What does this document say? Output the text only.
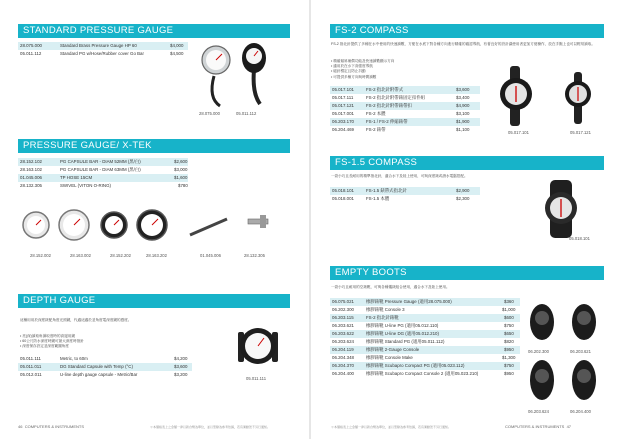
STANDARD PRESSURE GAUGE
28.075.000	Standard Brass Pressure Gauge HP 60	$4,000
05.011.112	Standard PG w/Hose/Rubber cover Go Bar	$4,500
28.075.000	05.011.112
PRESSURE GAUGE/ X-TEK
28.152.102	PG CAPSULE BAR - DIAM 52MM (黑/白)	$2,600
28.163.102	PG CAPSULE BAR - DIAM 63MM (黑/白)	$3,000
01.045.006	TP HOSE 15CM	$1,600
28.132.305	SWIVEL (VITON O-RING)	$780
28.152.002	28.163.002	28.152.202	28.163.202	01.045.006	28.132.305
DEPTH GAUGE
這種用用於深度錶配角度光照鏡，代適這適於並角度電深度鏡的感度。
• 亮(深)讀取角讀取度時的高邊用鏡
• 60公尺防水深度時鏡可最大深度時指針
• 深度保存設定並深度範圍角度
05.011.111	Metric, to 60m	$4,200
05.011.011	DG Standard Capsule with Temp (°C)	$3,600
05.012.011	U-line depth gauge capsule - Metric/Bar	$3,200
05.011.111
46 COMPUTERS & INSTRUMENTS	＊本價格表上之金額一律以新台幣為單位，並以型錄為參考依據，若有異動恕不另行通知。
FS-2 COMPASS
FS-2 指北針提供了多種在水中使用的快速讀數，方便在水底下對各種方向進行精確的確認導航，有著良好的設計讓使用者更加方便操作，放在手腕上也可以輕易讀取。
• 精確傾斜補償功能及快速讀數顯示方向
• 適用於在水下高強度導航
• 磁針穩定且防止抖動
• 可提供多種方向與時間讀數
05.017.101	FS-2 指北針附帶式	$3,600
05.017.111	FS-2 指北針附帶錶固定扣件組	$3,400
05.017.121	FS-2 指北針附帶錶帶扣	$4,900
05.017.001	FS-2 本體	$3,100
06.203.170	FS-1 / FS-2 伸縮錶帶	$1,900
06.204.469	FS-2 錶帶	$1,100
05.017.101	05.017.121
FS-1.5 COMPASS
一款小巧且長耐用的精準指北針，適合水下及陸上使用，可與深度錶或潛水電腦搭配。
05.018.101	FS-1.5 錶帶式指北針	$2,900
05.018.001	FS-1.5 本體	$2,300
05.018.101
EMPTY BOOTS
一款小巧且耐用的空錶靴，可與各種儀錶組合使用，適合水下及陸上使用。
06.075.021	橡膠錶靴 Pressure Gauge (適用28.075.000)	$360
06.202.300	橡膠錶靴 Console 3	$1,000
06.203.115	FS-2 指北針錶靴	$600
06.203.621	橡膠錶靴 U-line PG (適用05.012.110)	$750
06.203.622	橡膠錶靴 U-line DG (適用05.012.210)	$650
06.203.624	橡膠錶靴 Standard PG (適用05.011.112)	$820
06.204.119	橡膠錶靴 2-Gauge Console	$950
06.204.348	橡膠錶靴 Console Make	$1,300
06.204.370	橡膠錶靴 Scubapro Compact PG (適用05.023.112)	$750
06.204.400	橡膠錶靴 Scubapro Compact Console 2 (適用05.023.210)	$950
06.202.300	06.203.621
06.203.624	06.204.400
＊本價格表上之金額一律以新台幣為單位，並以型錄為參考依據，若有異動恕不另行通知。	COMPUTERS & INSTRUMENTS 47
